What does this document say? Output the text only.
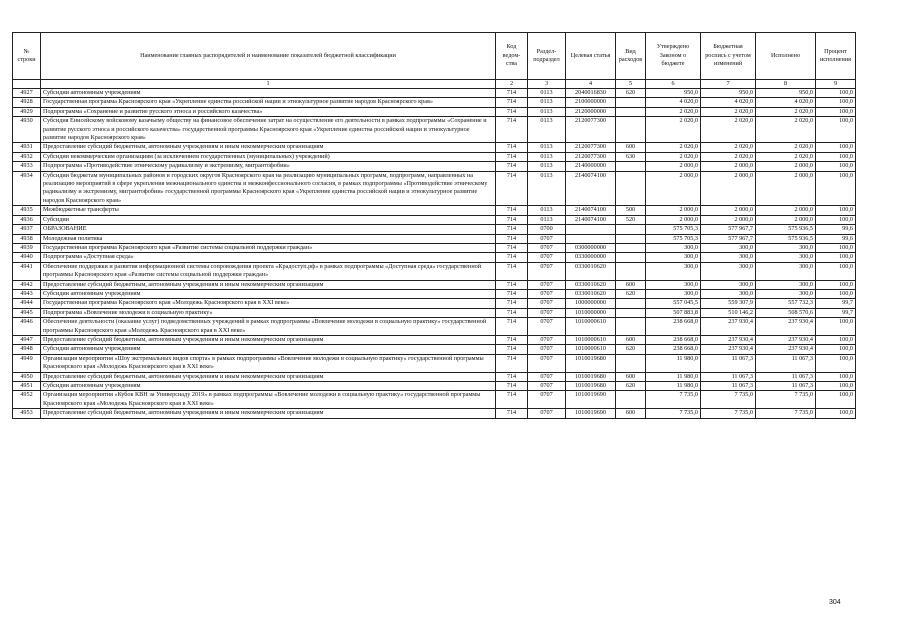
№ строки	Наименование главных распорядителей и наименование показателей бюджетной классификации	Код ведом-ства	Раздел-подраздел	Целевая статья	Вид расходов	Утверждено Законом о бюджете	Бюджетная роспись с учетом изменений	Исполнено	Процент исполнения
	1	2	3	4	5	6	7	8	9
4927	Субсидии автономным учреждениям	714	0113	2040016830	620	950,0	950,0	950,0	100,0
4928	Государственная программа Красноярского края «Укрепление единства российской нации и этнокультурное развитие народов Красноярского края»	714	0113	2100000000		4 020,0	4 020,0	4 020,0	100,0
4929	Подпрограмма «Сохранение и развитие русского этноса и российского казачества»	714	0113	2120000000		2 020,0	2 020,0	2 020,0	100,0
4930	Субсидия Енисейскому войсковому казачьему обществу на финансовое обеспечение затрат на осуществление его деятельности в рамках подпрограммы «Сохранение и развитие русского этноса и российского казачества» государственной программы Красноярского края «Укрепление единства российской нации и этнокультурное развитие народов Красноярского края»	714	0113	2120077300		2 020,0	2 020,0	2 020,0	100,0
4931	Предоставление субсидий бюджетным, автономным учреждениям и иным некоммерческим организациям	714	0113	2120077300	600	2 020,0	2 020,0	2 020,0	100,0
4932	Субсидии некоммерческим организациям (за исключением государственных (муниципальных) учреждений)	714	0113	2120077300	630	2 020,0	2 020,0	2 020,0	100,0
4933	Подпрограмма «Противодействие этническому радикализму и экстремизму, мигрантофобии»	714	0113	2140000000		2 000,0	2 000,0	2 000,0	100,0
4934	Субсидии бюджетам муниципальных районов и городских округов Красноярского края на реализацию муниципальных программ, подпрограмм, направленных на реализацию мероприятий в сфере укрепления межнационального единства и межконфессионального согласия, в рамках подпрограммы «Противодействие этническому радикализму и экстремизму, мигрантофобии» государственной программы Красноярского края «Укрепление единства российской нации и этнокультурное развитие народов Красноярского края»	714	0113	2140074100		2 000,0	2 000,0	2 000,0	100,0
4935	Межбюджетные трансферты	714	0113	2140074100	500	2 000,0	2 000,0	2 000,0	100,0
4936	Субсидии	714	0113	2140074100	520	2 000,0	2 000,0	2 000,0	100,0
4937	ОБРАЗОВАНИЕ	714	0700			575 705,3	577 967,7	575 936,5	99,6
4938	Молодежная политика	714	0707			575 705,3	577 967,7	575 936,5	99,6
4939	Государственная программа Красноярского края «Развитие системы социальной поддержки граждан»	714	0707	0300000000		300,0	300,0	300,0	100,0
4940	Подпрограмма «Доступная среда»	714	0707	0330000000		300,0	300,0	300,0	100,0
4941	Обеспечение поддержки и развития информационной системы сопровождения проекта «Крадоступ.рф» в рамках подпрограммы «Доступная среда» государственной программы Красноярского края «Развитие системы социальной поддержки граждан»	714	0707	0330010620		300,0	300,0	300,0	100,0
4942	Предоставление субсидий бюджетным, автономным учреждениям и иным некоммерческим организациям	714	0707	0330010620	600	300,0	300,0	300,0	100,0
4943	Субсидии автономным учреждениям	714	0707	0330010620	620	300,0	300,0	300,0	100,0
4944	Государственная программа Красноярского края «Молодежь Красноярского края в XXI веке»	714	0707	1000000000		557 045,5	559 307,9	557 732,3	99,7
4945	Подпрограмма «Вовлечение молодежи в социальную практику»	714	0707	1010000000		507 883,8	510 146,2	508 570,6	99,7
4946	Обеспечение деятельности (оказание услуг) подведомственных учреждений в рамках подпрограммы «Вовлечение молодежи в социальную практику» государственной программы Красноярского края «Молодежь Красноярского края в XXI веке»	714	0707	1010000610		238 668,0	237 930,4	237 930,4	100,0
4947	Предоставление субсидий бюджетным, автономным учреждениям и иным некоммерческим организациям	714	0707	1010000610	600	238 668,0	237 930,4	237 930,4	100,0
4948	Субсидии автономным учреждениям	714	0707	1010000610	620	238 668,0	237 930,4	237 930,4	100,0
4949	Организация мероприятия «Шоу экстремальных видов спорта» в рамках подпрограммы «Вовлечение молодежи в социальную практику» государственной программы Красноярского края «Молодежь Красноярского края в XXI веке»	714	0707	1010019680		11 980,0	11 067,3	11 067,3	100,0
4950	Предоставление субсидий бюджетным, автономным учреждениям и иным некоммерческим организациям	714	0707	1010019680	600	11 980,0	11 067,3	11 067,3	100,0
4951	Субсидии автономным учреждениям	714	0707	1010019680	620	11 980,0	11 067,3	11 067,3	100,0
4952	Организация мероприятия «Кубок КВН за Универсиаду 2019» в рамках подпрограммы «Вовлечение молодежи в социальную практику» государственной программы Красноярского края «Молодежь Красноярского края в XXI веке»	714	0707	1010019690		7 735,0	7 735,0	7 735,0	100,0
4953	Предоставление субсидий бюджетным, автономным учреждениям и иным некоммерческим организациям	714	0707	1010019690	600	7 735,0	7 735,0	7 735,0	100,0
304
